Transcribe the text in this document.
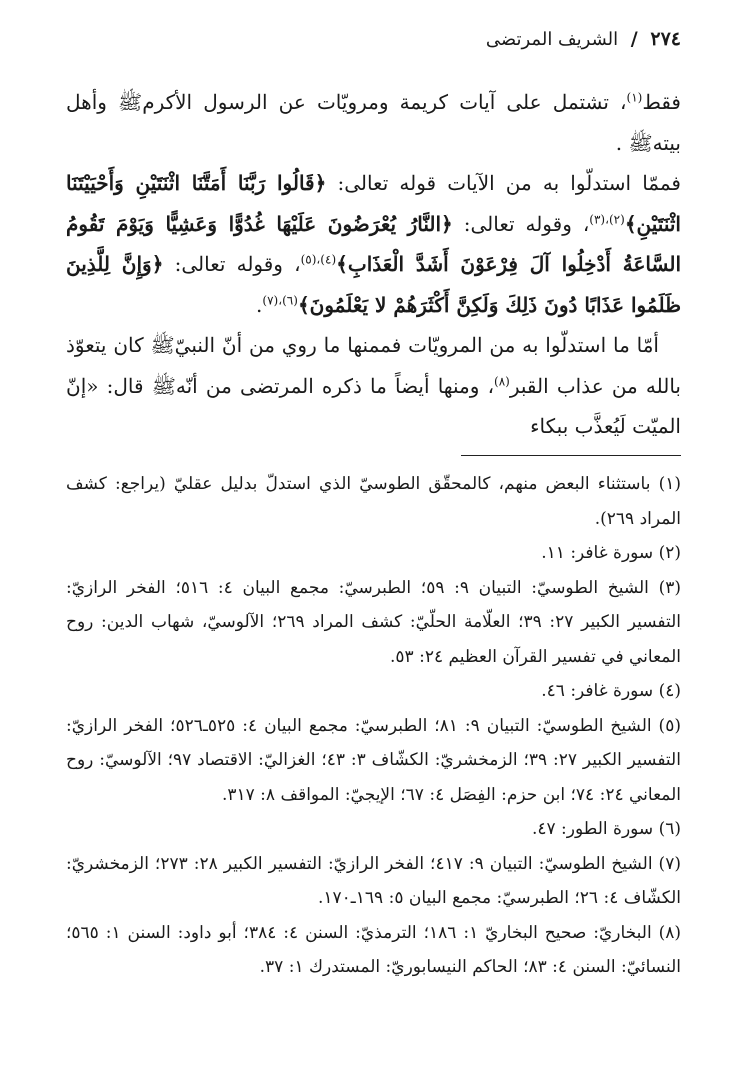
٢٧٤ / الشريف المرتضى

فقط$^{(١)}$، تشتمل على آيات كريمة ومرويّات عن الرسول الأكرمﷺ وأهل بيتهﷺ .

فممّا استدلّوا به من الآيات قوله تعالى: ﴿قَالُوا رَبَّنَا أَمَتَّنَا اثْنَتَيْنِ وَأَحْيَيْتَنَا اثْنَتَيْنِ﴾$^{(٢)،(٣)}$، وقوله تعالى: ﴿النَّارُ يُعْرَضُونَ عَلَيْهَا غُدُوًّا وَعَشِيًّا وَيَوْمَ تَقُومُ السَّاعَةُ أَدْخِلُوا آلَ فِرْعَوْنَ أَشَدَّ الْعَذَابِ﴾$^{(٤)،(٥)}$، وقوله تعالى: ﴿وَإِنَّ لِلَّذِينَ ظَلَمُوا عَذَابًا دُونَ ذَلِكَ وَلَكِنَّ أَكْثَرَهُمْ لا يَعْلَمُونَ﴾$^{(٦)،(٧)}$.

أمّا ما استدلّوا به من المرويّات فممنها ما روي من أنّ النبيّﷺ كان يتعوّذ بالله من عذاب القبر$^{(٨)}$، ومنها أيضاً ما ذكره المرتضى من أنّهﷺ قال: «إنّ الميّت لَيُعذَّب ببكاء

(١) باستثناء البعض منهم، كالمحقّق الطوسيّ الذي استدلّ بدليل عقليّ (يراجع: كشف المراد ٢٦٩).

(٢) سورة غافر: ١١.

(٣) الشيخ الطوسيّ: التبيان ٩: ٥٩؛ الطبرسيّ: مجمع البيان ٤: ٥١٦؛ الفخر الرازيّ: التفسير الكبير ٢٧: ٣٩؛ العلّامة الحلّيّ: كشف المراد ٢٦٩؛ الآلوسيّ، شهاب الدين: روح المعاني في تفسير القرآن العظيم ٢٤: ٥٣.

(٤) سورة غافر: ٤٦.

(٥) الشيخ الطوسيّ: التبيان ٩: ٨١؛ الطبرسيّ: مجمع البيان ٤: ٥٢٥ـ٥٢٦؛ الفخر الرازيّ: التفسير الكبير ٢٧: ٣٩؛ الزمخشريّ: الكشّاف ٣: ٤٣؛ الغزاليّ: الاقتصاد ٩٧؛ الآلوسيّ: روح المعاني ٢٤: ٧٤؛ ابن حزم: الفِصَل ٤: ٦٧؛ الإيجيّ: المواقف ٨: ٣١٧.

(٦) سورة الطور: ٤٧.

(٧) الشيخ الطوسيّ: التبيان ٩: ٤١٧؛ الفخر الرازيّ: التفسير الكبير ٢٨: ٢٧٣؛ الزمخشريّ: الكشّاف ٤: ٢٦؛ الطبرسيّ: مجمع البيان ٥: ١٦٩ـ١٧٠.

(٨) البخاريّ: صحيح البخاريّ ١: ١٨٦؛ الترمذيّ: السنن ٤: ٣٨٤؛ أبو داود: السنن ١: ٥٦٥؛ النسائيّ: السنن ٤: ٨٣؛ الحاكم النيسابوريّ: المستدرك ١: ٣٧.
